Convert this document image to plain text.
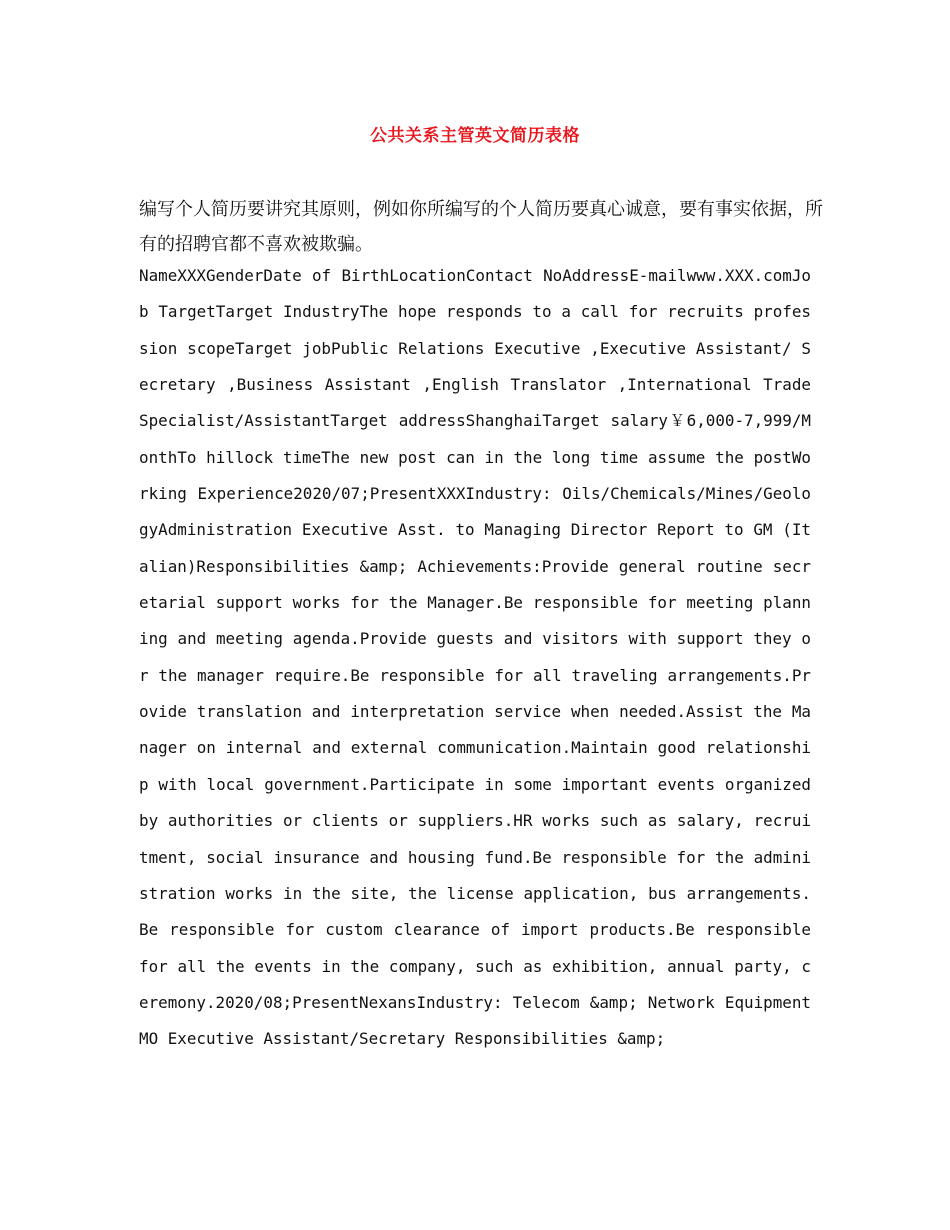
公共关系主管英文简历表格
编写个人简历要讲究其原则，例如你所编写的个人简历要真心诚意，要有事实依据，所有的招聘官都不喜欢被欺骗。

NameXXXGenderDate of BirthLocationContact NoAddressE-mailwww.XXX.comJob TargetTarget IndustryThe hope responds to a call for recruits profession scopeTarget jobPublic Relations Executive ,Executive Assistant/ Secretary ,Business Assistant ,English Translator ,International Trade Specialist/AssistantTarget addressShanghaiTarget salary￥6,000-7,999/MonthTo hillock timeThe new post can in the long time assume the postWorking Experience2020/07;PresentXXXIndustry: Oils/Chemicals/Mines/GeologyAdministration Executive Asst. to Managing Director Report to GM (Italian)Responsibilities &amp; Achievements:Provide general routine secretarial support works for the Manager.Be responsible for meeting planning and meeting agenda.Provide guests and visitors with support they or the manager require.Be responsible for all traveling arrangements.Provide translation and interpretation service when needed.Assist the Manager on internal and external communication.Maintain good relationship with local government.Participate in some important events organized by authorities or clients or suppliers.HR works such as salary, recruitment, social insurance and housing fund.Be responsible for the administration works in the site, the license application, bus arrangements.Be responsible for custom clearance of import products.Be responsible for all the events in the company, such as exhibition, annual party, ceremony.2020/08;PresentNexansIndustry: Telecom &amp; Network EquipmentMO Executive Assistant/Secretary Responsibilities &amp;
